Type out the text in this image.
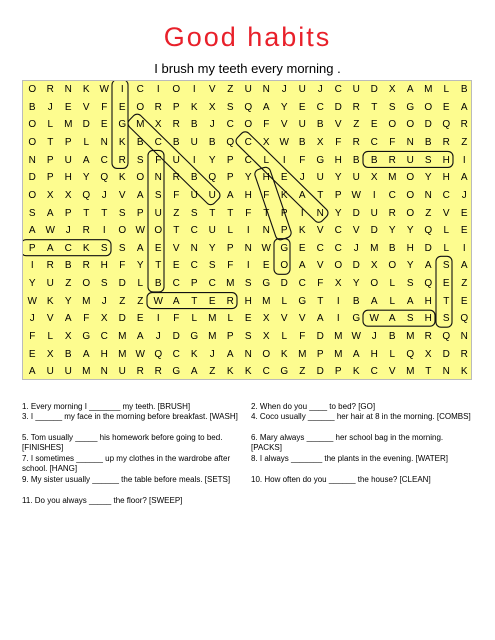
Good habits
I brush my teeth every morning .
O	R	N	K W	I	C	I	O	I	V	Z	U	N	J	U	J	C	U	D	X	A	M	L	B
B	J	E	V	F	E	O	R	P	K	X	S	Q	A	Y	E	C	D	R	T	S	G	O	E	A
O	L	M	D	E	G M	X	R	B	J	C	O	F	V	U	B	V	Z	E	O	O	D	Q	R
O	T	P	L	N	K	B	C	B	U	B	Q	C	X W B	X	F	R	C	F	N	B	R	Z
N	P	U	A	C	R	S	F	U	I	Y	P	C	L	I	F	G	H	B	B	R	U	S	H	I
D	P	H	Y	Q	K	O	N	R	B	Q	P	Y	H	E	J	U	Y	U	X	M O	Y	H	A
O	X	X	Q	J	V	A	S	F	U	U	A	H	F	K	A	T	P W	I	C	O	N	C	J
S	A	P	T	T	S	P	U	Z	S	T	T	F	T	P	I	N	Y	D	U	R	O	Z	V	E
A W	J	R	I	O W O	T	C	U	L	I	N	P	K	V	C	V	D	Y	Y	Q	L	E
P	A	C	K	S	S	A	E	V	N	Y	P	N W G	E	C	C	J	M	B	H	D	L	I
I	R	B	R	H	F	Y	T	E	C	S	F	I	E	O	A	V	O	D	X	O	Y	A	S	A
Y	U	Z	O	S	D	L	B	C	P	C	M	S	G	D	C	F	X	Y	O	L	S	Q	E	Z
W K	Y	M	J	Z	Z	W A	T	E	R	H	M	L	G	T	I	B	A	L	A	H	T	E
J	V	A	F	X	D	E	I	F	L	M	L	E	X	V	V	A	I	G W A	S	H	S	Q
F	L	X	G	C	M	A	J	D	G M	P	S	X	L	F	D	M W	J	B	M	R	Q	N
E	X	B	A	H	M W Q	C	K	J	A	N	O	K	M	P	M	A	H	L	Q	X	D	R
A	U	U	M	N	U	R	R	G	A	Z	K	K	C	G	Z	D	P	K	C	V	M	T	N	K
1. Every morning I _______ my teeth. [BRUSH]	2. When do you ____ to bed? [GO]
3. I ______ my face in the morning before breakfast. [WASH]	4. Coco usually ______ her hair at 8 in the morning. [COMBS]
5. Tom usually _____ his homework before going to bed. [FINISHES]
6. Mary always ______ her school bag in the morning. [PACKS]
7. I sometimes ______ up my clothes in the wardrobe after school. [HANG]
8. I always _______ the plants in the evening. [WATER]
9. My sister usually ______ the table before meals. [SETS]	10. How often do you ______ the house? [CLEAN]
11. Do you always _____ the floor? [SWEEP]
